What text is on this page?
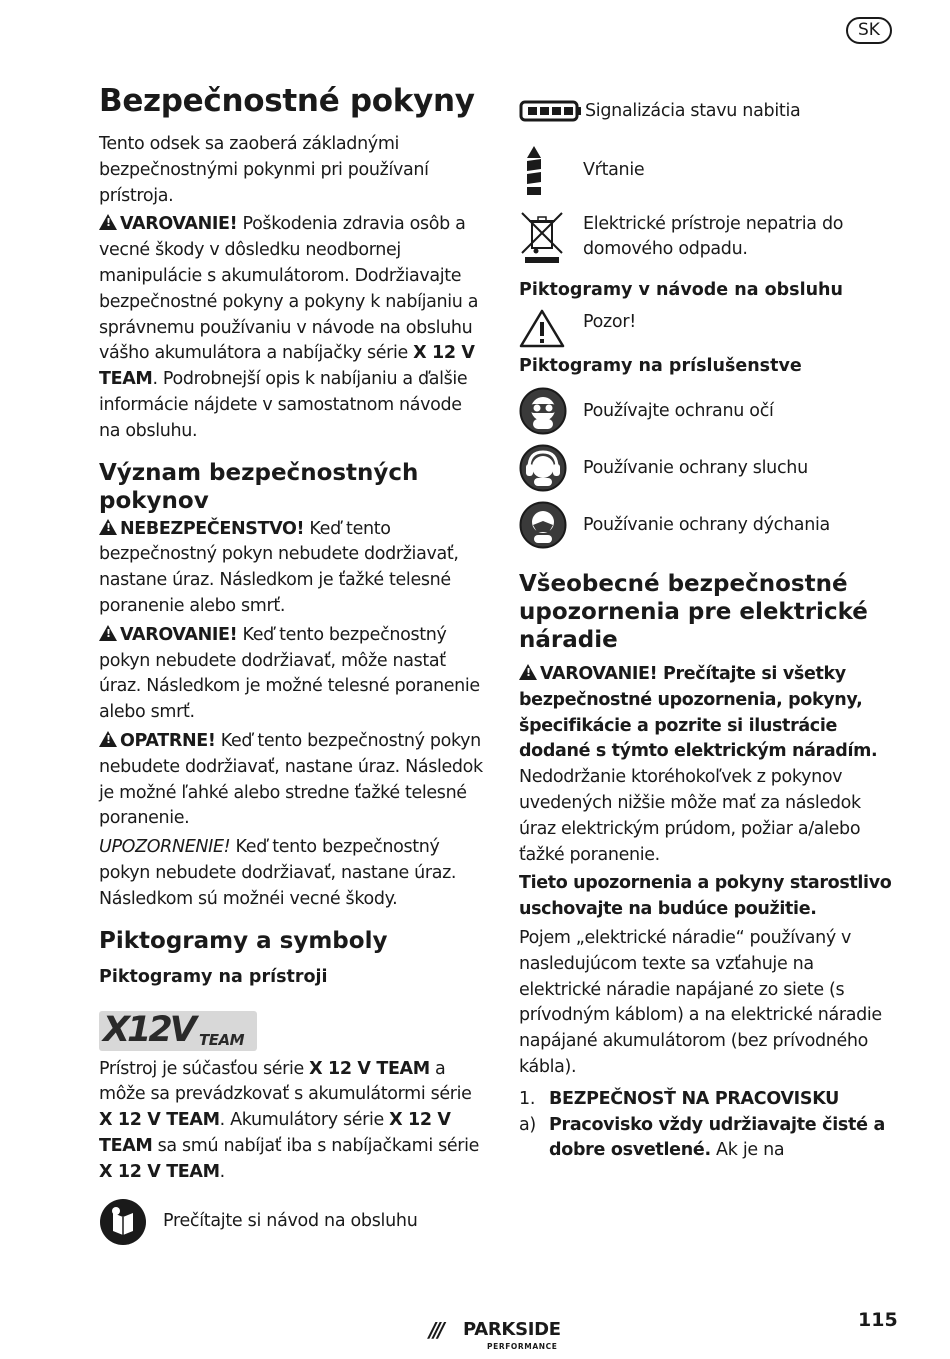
SK
Bezpečnostné pokyny

Tento odsek sa zaoberá základnými bezpečnostnými pokynmi pri používaní prístroja.

!VAROVANIE! Poškodenia zdravia osôb a vecné škody v dôsledku neodbornej manipulácie s akumulátorom. Dodržiavajte bezpečnostné pokyny a pokyny k nabíjaniu a správnemu používaniu v návode na obsluhu vášho akumulátora a nabíjačky série X 12 V TEAM. Podrobnejší opis k nabíjaniu a ďalšie informácie nájdete v samostatnom návode na obsluhu.

Význam bezpečnostných pokynov

!NEBEZPEČENSTVO! Keď tento bezpečnostný pokyn nebudete dodržiavať, nastane úraz. Následkom je ťažké telesné poranenie alebo smrť.

!VAROVANIE! Keď tento bezpečnostný pokyn nebudete dodržiavať, môže nastať úraz. Následkom je možné telesné poranenie alebo smrť.

!OPATRNE! Keď tento bezpečnostný pokyn nebudete dodržiavať, nastane úraz. Následok je možné ľahké alebo stredne ťažké telesné poranenie.

UPOZORNENIE! Keď tento bezpečnostný pokyn nebudete dodržiavať, nastane úraz. Následkom sú možnéi vecné škody.

Piktogramy a symboly
Piktogramy na prístroji
X12V TEAM

Prístroj je súčasťou série X 12 V TEAM a môže sa prevádzkovať s akumulátormi série X 12 V TEAM. Akumulátory série X 12 V TEAM sa smú nabíjať iba s nabíjačkami série X 12 V TEAM.

Prečítajte si návod na obsluhu
Signalizácia stavu nabitia
Vŕtanie
Elektrické prístroje nepatria do domového odpadu.
Piktogramy v návode na obsluhu
Pozor!
Piktogramy na príslušenstve
Používajte ochranu očí
Používanie ochrany sluchu
Používanie ochrany dýchania
Všeobecné bezpečnostné upozornenia pre elektrické náradie

!VAROVANIE! Prečítajte si všetky bezpečnostné upozornenia, pokyny, špecifikácie a pozrite si ilustrácie dodané s týmto elektrickým náradím. Nedodržanie ktoréhokoľvek z pokynov uvedených nižšie môže mať za následok úraz elektrickým prúdom, požiar a/alebo ťažké poranenie.

Tieto upozornenia a pokyny starostlivo uschovajte na budúce použitie.

Pojem „elektrické náradie“ používaný v nasledujúcom texte sa vzťahuje na elektrické náradie napájané zo siete (s prívodným káblom) a na elektrické náradie napájané akumulátorom (bez prívodného kábla).

1. BEZPEČNOSŤ NA PRACOVISKU
a) Pracovisko vždy udržiavajte čisté a dobre osvetlené. Ak je na
/// PARKSIDE
PERFORMANCE
115
